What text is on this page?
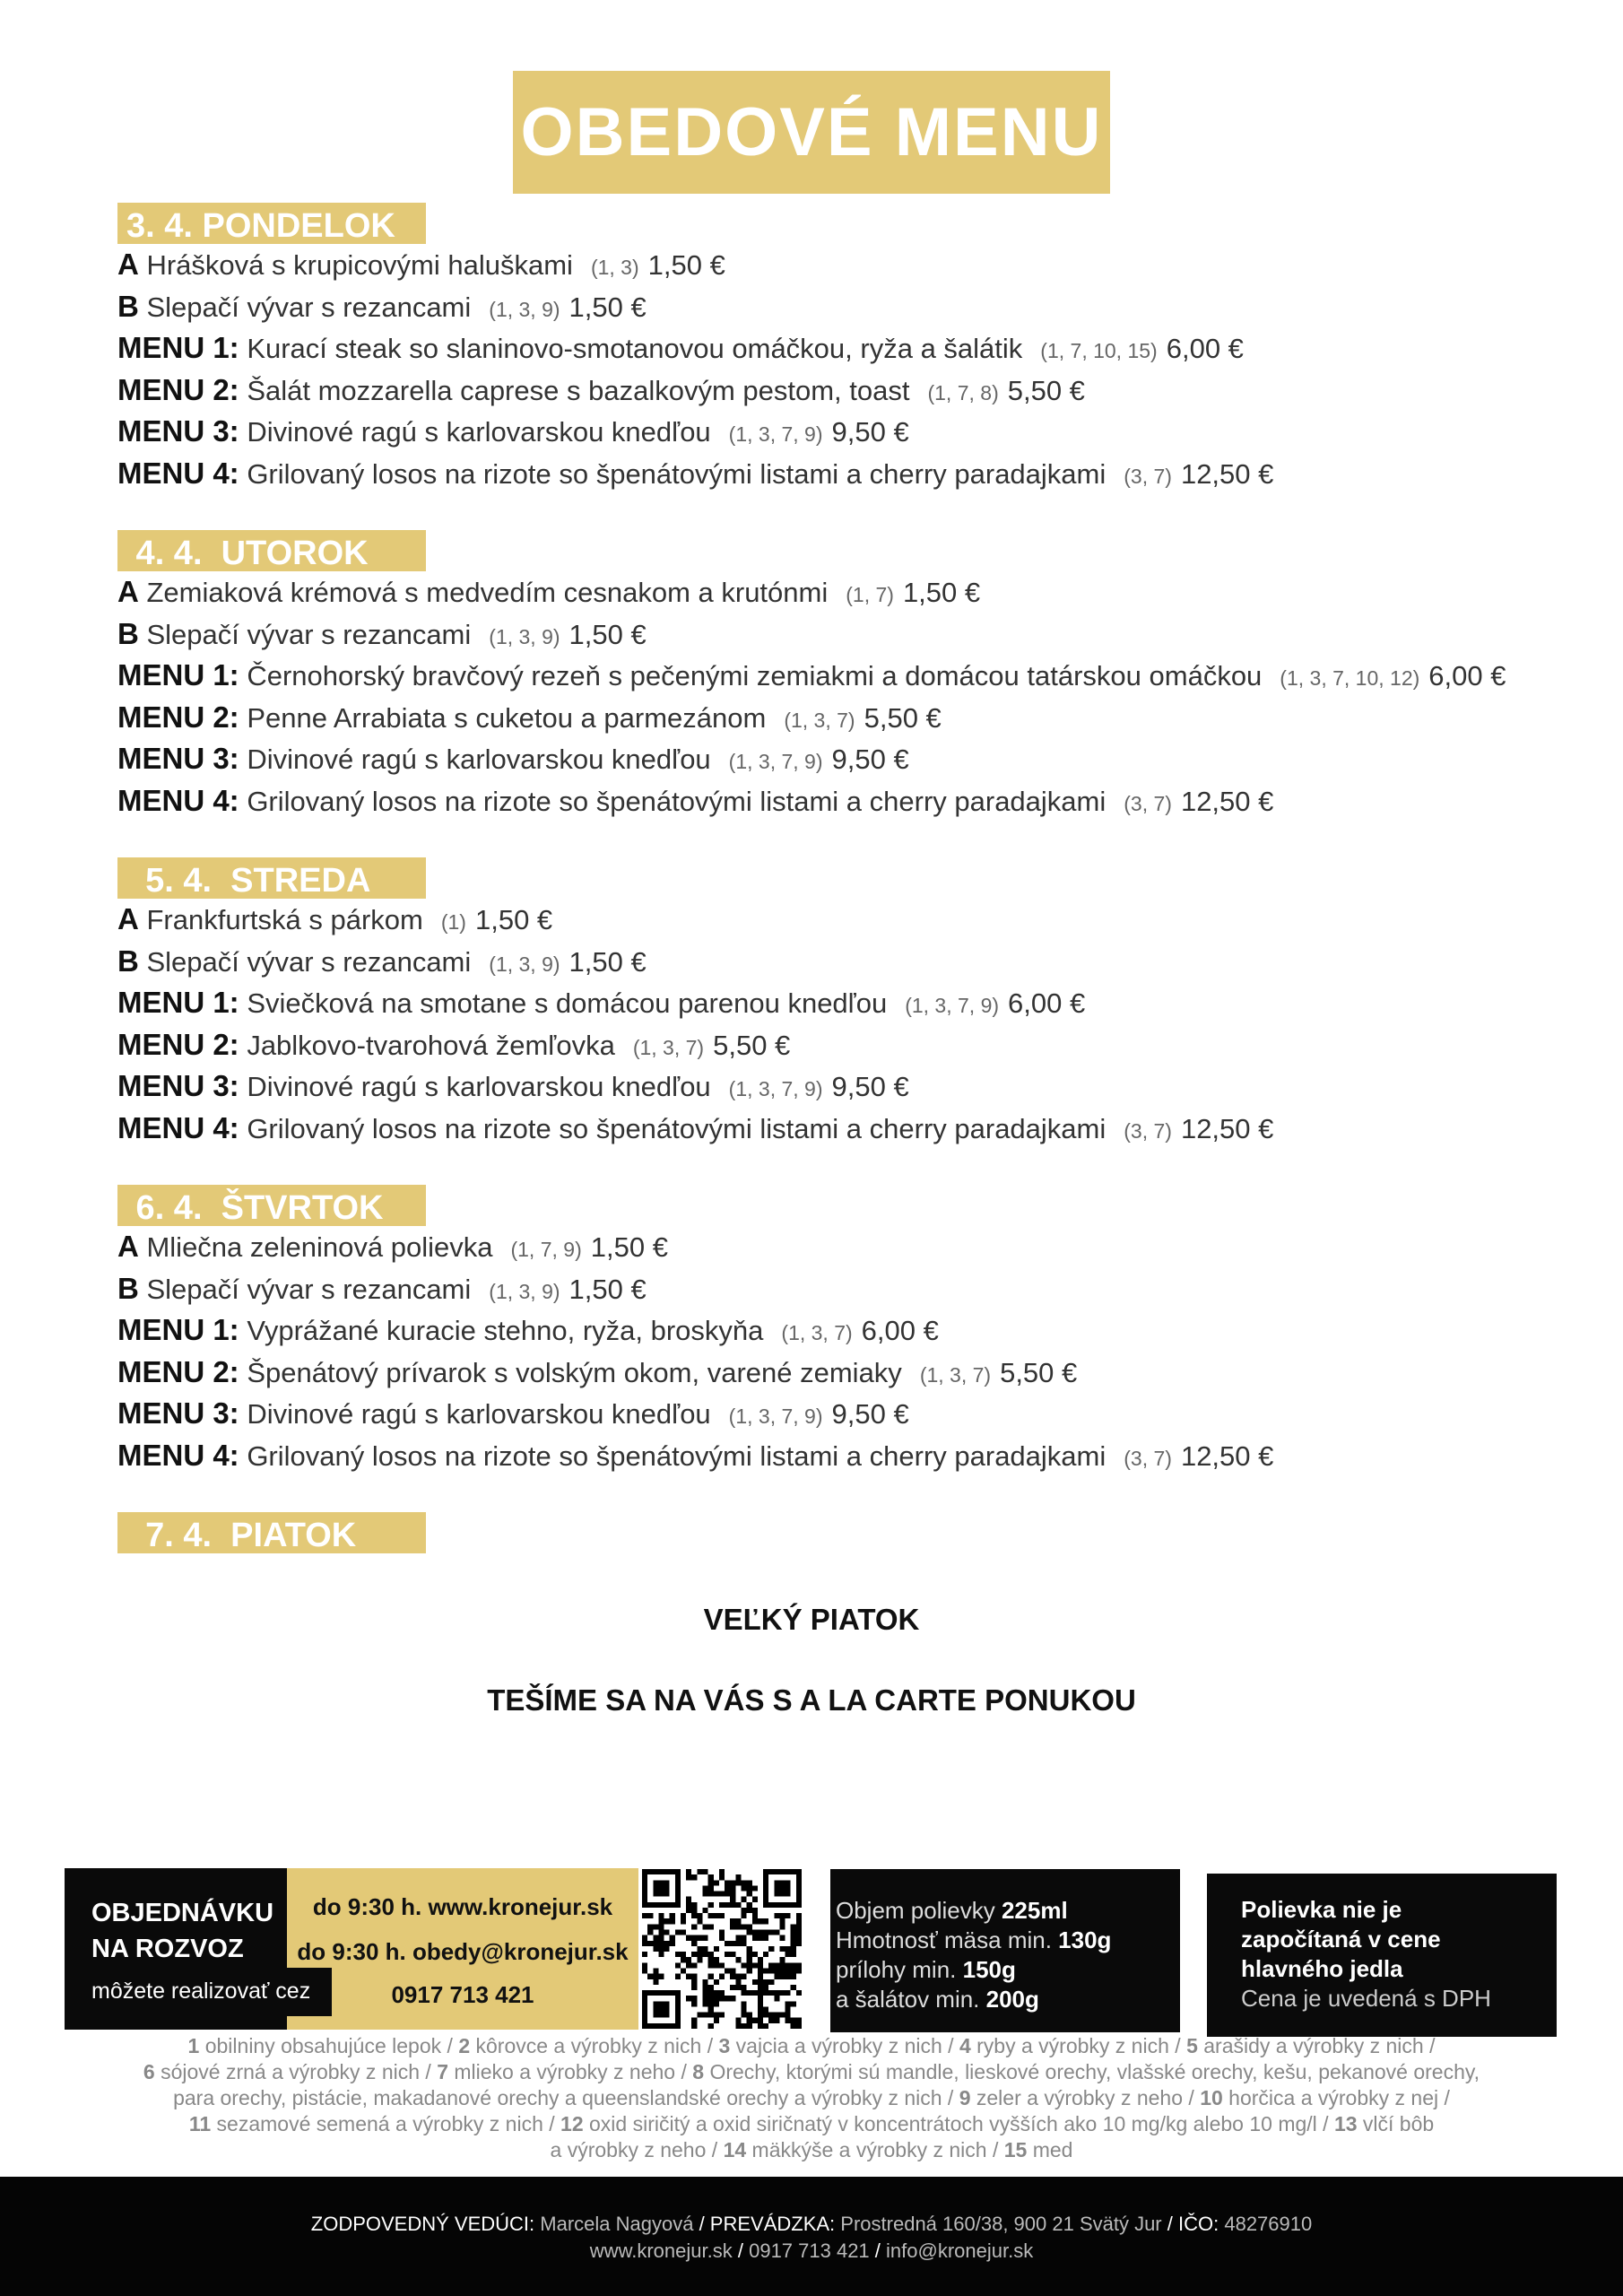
OBEDOVÉ MENU
3. 4. PONDELOK
A Hrášková s krupicovými haluškami (1, 3) 1,50 €
B Slepačí vývar s rezancami (1, 3, 9) 1,50 €
MENU 1: Kurací steak so slaninovo-smotanovou omáčkou, ryža a šalátik (1, 7, 10, 15) 6,00 €
MENU 2: Šalát mozzarella caprese s bazalkovým pestom, toast (1, 7, 8) 5,50 €
MENU 3: Divinové ragú s karlovarskou knedľou (1, 3, 7, 9) 9,50 €
MENU 4: Grilovaný losos na rizote so špenátovými listami a cherry paradajkami (3, 7) 12,50 €
4. 4.  UTOROK
A Zemiaková krémová s medvedím cesnakom a krutónmi (1, 7) 1,50 €
B Slepačí vývar s rezancami (1, 3, 9) 1,50 €
MENU 1: Černohorský bravčový rezeň s pečenými zemiakmi a domácou tatárskou omáčkou (1, 3, 7, 10, 12) 6,00 €
MENU 2: Penne Arrabiata s cuketou a parmezánom (1, 3, 7) 5,50 €
MENU 3: Divinové ragú s karlovarskou knedľou (1, 3, 7, 9) 9,50 €
MENU 4: Grilovaný losos na rizote so špenátovými listami a cherry paradajkami (3, 7) 12,50 €
5. 4.  STREDA
A Frankfurtská s párkom (1) 1,50 €
B Slepačí vývar s rezancami (1, 3, 9) 1,50 €
MENU 1: Sviečková na smotane s domácou parenou knedľou (1, 3, 7, 9) 6,00 €
MENU 2: Jablkovo-tvarohová žemľovka (1, 3, 7) 5,50 €
MENU 3: Divinové ragú s karlovarskou knedľou (1, 3, 7, 9) 9,50 €
MENU 4: Grilovaný losos na rizote so špenátovými listami a cherry paradajkami (3, 7) 12,50 €
6. 4.  ŠTVRTOK
A Mliečna zeleninová polievka (1, 7, 9) 1,50 €
B Slepačí vývar s rezancami (1, 3, 9) 1,50 €
MENU 1: Vyprážané kuracie stehno, ryža, broskyňa (1, 3, 7) 6,00 €
MENU 2: Špenátový prívarok s volským okom, varené zemiaky (1, 3, 7) 5,50 €
MENU 3: Divinové ragú s karlovarskou knedľou (1, 3, 7, 9) 9,50 €
MENU 4: Grilovaný losos na rizote so špenátovými listami a cherry paradajkami (3, 7) 12,50 €
7. 4.  PIATOK
VEĽKÝ PIATOK
TEŠÍME SA NA VÁS S A LA CARTE PONUKOU
OBJEDNÁVKU
NA ROZVOZ
do 9:30 h. www.kronejur.sk
do 9:30 h. obedy@kronejur.sk
0917 713 421
môžete realizovať cez
Objem polievky 225ml
Hmotnosť mäsa min. 130g
prílohy min. 150g
a šalátov min. 200g
Polievka nie je
započítaná v cene
hlavného jedla
Cena je uvedená s DPH
1 obilniny obsahujúce lepok / 2 kôrovce a výrobky z nich / 3 vajcia a výrobky z nich / 4 ryby a výrobky z nich / 5 arašidy a výrobky z nich /
6 sójové zrná a výrobky z nich / 7 mlieko a výrobky z neho / 8 Orechy, ktorými sú mandle, lieskové orechy, vlašské orechy, kešu, pekanové orechy,
para orechy, pistácie, makadanové orechy a queenslandské orechy a výrobky z nich / 9 zeler a výrobky z neho / 10 horčica a výrobky z nej /
11 sezamové semená a výrobky z nich / 12 oxid siričitý a oxid siričnatý v koncentrátoch vyšších ako 10 mg/kg alebo 10 mg/l / 13 vlčí bôb
a výrobky z neho / 14 mäkkýše a výrobky z nich / 15 med
ZODPOVEDNÝ VEDÚCI: Marcela Nagyová / PREVÁDZKA: Prostredná 160/38, 900 21 Svätý Jur / IČO: 48276910
www.kronejur.sk / 0917 713 421 / info@kronejur.sk
